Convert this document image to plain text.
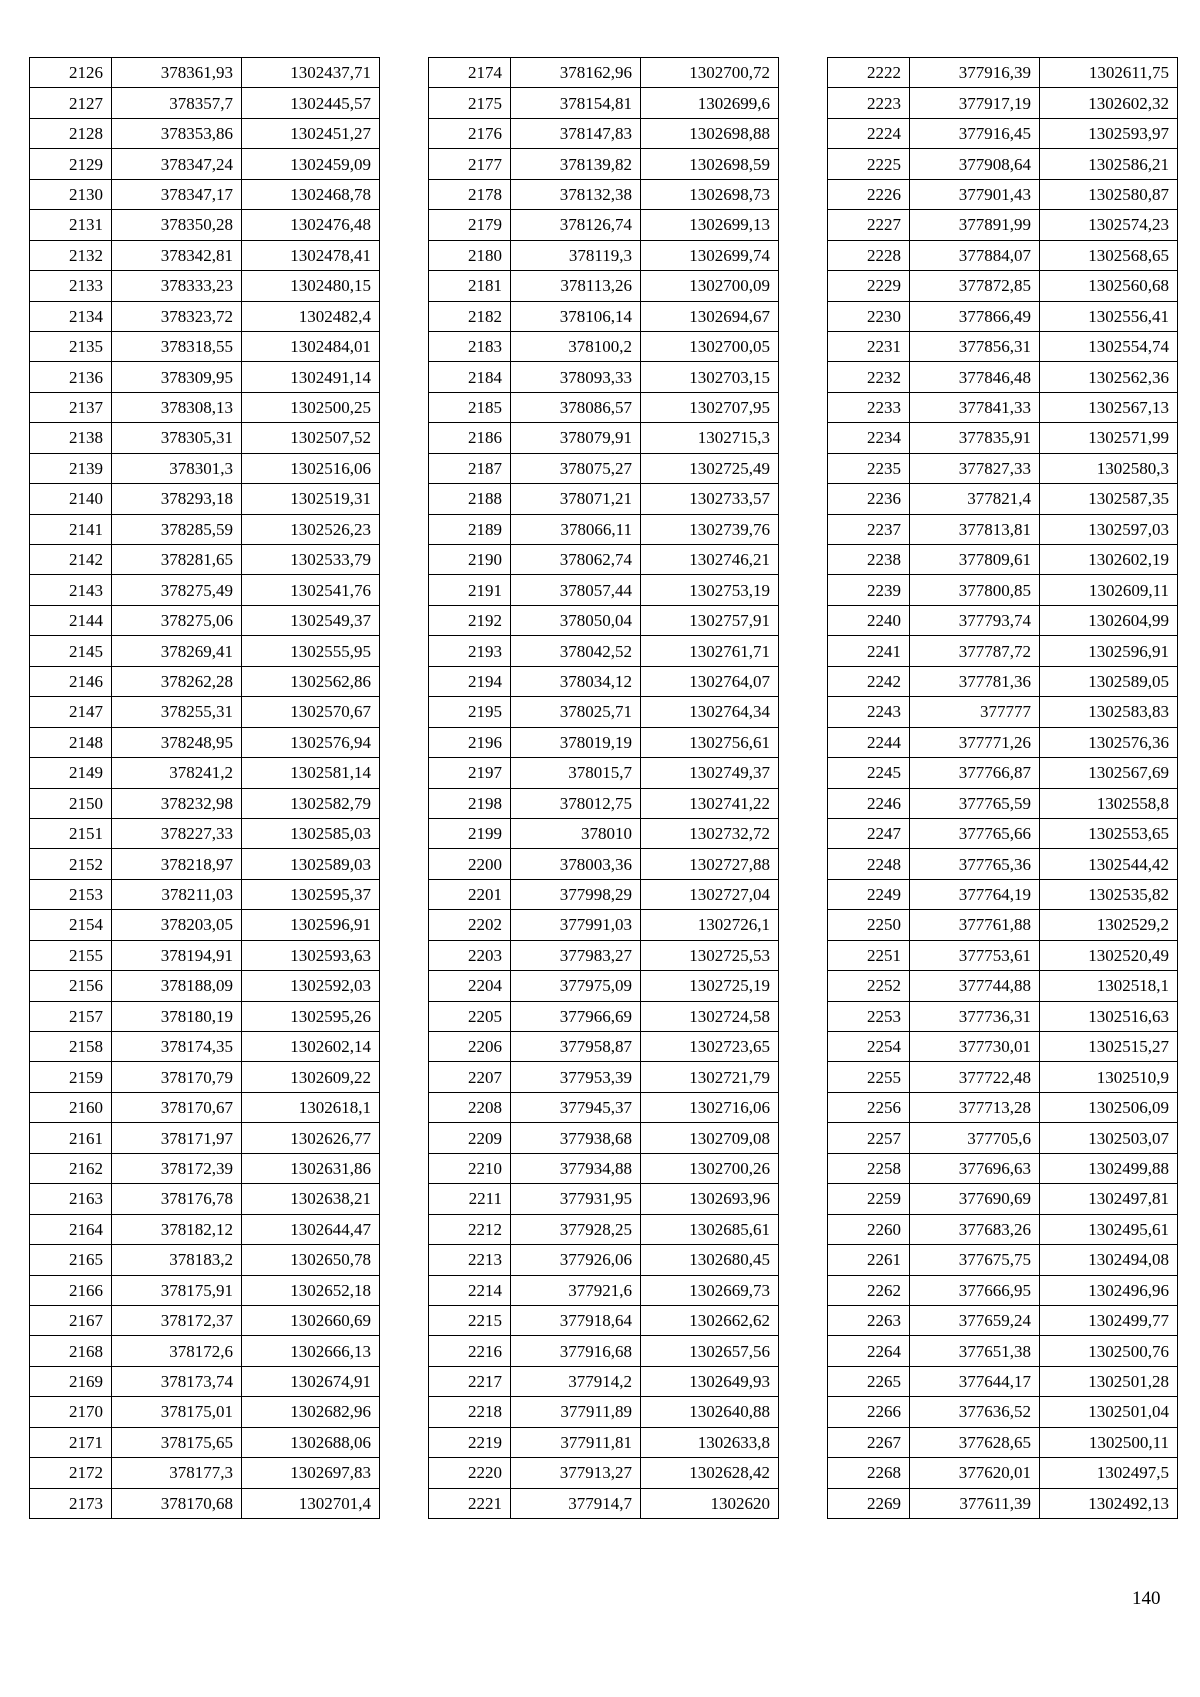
2126	378361,93	1302437,71
2127	378357,7	1302445,57
2128	378353,86	1302451,27
2129	378347,24	1302459,09
2130	378347,17	1302468,78
2131	378350,28	1302476,48
2132	378342,81	1302478,41
2133	378333,23	1302480,15
2134	378323,72	1302482,4
2135	378318,55	1302484,01
2136	378309,95	1302491,14
2137	378308,13	1302500,25
2138	378305,31	1302507,52
2139	378301,3	1302516,06
2140	378293,18	1302519,31
2141	378285,59	1302526,23
2142	378281,65	1302533,79
2143	378275,49	1302541,76
2144	378275,06	1302549,37
2145	378269,41	1302555,95
2146	378262,28	1302562,86
2147	378255,31	1302570,67
2148	378248,95	1302576,94
2149	378241,2	1302581,14
2150	378232,98	1302582,79
2151	378227,33	1302585,03
2152	378218,97	1302589,03
2153	378211,03	1302595,37
2154	378203,05	1302596,91
2155	378194,91	1302593,63
2156	378188,09	1302592,03
2157	378180,19	1302595,26
2158	378174,35	1302602,14
2159	378170,79	1302609,22
2160	378170,67	1302618,1
2161	378171,97	1302626,77
2162	378172,39	1302631,86
2163	378176,78	1302638,21
2164	378182,12	1302644,47
2165	378183,2	1302650,78
2166	378175,91	1302652,18
2167	378172,37	1302660,69
2168	378172,6	1302666,13
2169	378173,74	1302674,91
2170	378175,01	1302682,96
2171	378175,65	1302688,06
2172	378177,3	1302697,83
2173	378170,68	1302701,4
2174	378162,96	1302700,72
2175	378154,81	1302699,6
2176	378147,83	1302698,88
2177	378139,82	1302698,59
2178	378132,38	1302698,73
2179	378126,74	1302699,13
2180	378119,3	1302699,74
2181	378113,26	1302700,09
2182	378106,14	1302694,67
2183	378100,2	1302700,05
2184	378093,33	1302703,15
2185	378086,57	1302707,95
2186	378079,91	1302715,3
2187	378075,27	1302725,49
2188	378071,21	1302733,57
2189	378066,11	1302739,76
2190	378062,74	1302746,21
2191	378057,44	1302753,19
2192	378050,04	1302757,91
2193	378042,52	1302761,71
2194	378034,12	1302764,07
2195	378025,71	1302764,34
2196	378019,19	1302756,61
2197	378015,7	1302749,37
2198	378012,75	1302741,22
2199	378010	1302732,72
2200	378003,36	1302727,88
2201	377998,29	1302727,04
2202	377991,03	1302726,1
2203	377983,27	1302725,53
2204	377975,09	1302725,19
2205	377966,69	1302724,58
2206	377958,87	1302723,65
2207	377953,39	1302721,79
2208	377945,37	1302716,06
2209	377938,68	1302709,08
2210	377934,88	1302700,26
2211	377931,95	1302693,96
2212	377928,25	1302685,61
2213	377926,06	1302680,45
2214	377921,6	1302669,73
2215	377918,64	1302662,62
2216	377916,68	1302657,56
2217	377914,2	1302649,93
2218	377911,89	1302640,88
2219	377911,81	1302633,8
2220	377913,27	1302628,42
2221	377914,7	1302620
2222	377916,39	1302611,75
2223	377917,19	1302602,32
2224	377916,45	1302593,97
2225	377908,64	1302586,21
2226	377901,43	1302580,87
2227	377891,99	1302574,23
2228	377884,07	1302568,65
2229	377872,85	1302560,68
2230	377866,49	1302556,41
2231	377856,31	1302554,74
2232	377846,48	1302562,36
2233	377841,33	1302567,13
2234	377835,91	1302571,99
2235	377827,33	1302580,3
2236	377821,4	1302587,35
2237	377813,81	1302597,03
2238	377809,61	1302602,19
2239	377800,85	1302609,11
2240	377793,74	1302604,99
2241	377787,72	1302596,91
2242	377781,36	1302589,05
2243	377777	1302583,83
2244	377771,26	1302576,36
2245	377766,87	1302567,69
2246	377765,59	1302558,8
2247	377765,66	1302553,65
2248	377765,36	1302544,42
2249	377764,19	1302535,82
2250	377761,88	1302529,2
2251	377753,61	1302520,49
2252	377744,88	1302518,1
2253	377736,31	1302516,63
2254	377730,01	1302515,27
2255	377722,48	1302510,9
2256	377713,28	1302506,09
2257	377705,6	1302503,07
2258	377696,63	1302499,88
2259	377690,69	1302497,81
2260	377683,26	1302495,61
2261	377675,75	1302494,08
2262	377666,95	1302496,96
2263	377659,24	1302499,77
2264	377651,38	1302500,76
2265	377644,17	1302501,28
2266	377636,52	1302501,04
2267	377628,65	1302500,11
2268	377620,01	1302497,5
2269	377611,39	1302492,13
140
